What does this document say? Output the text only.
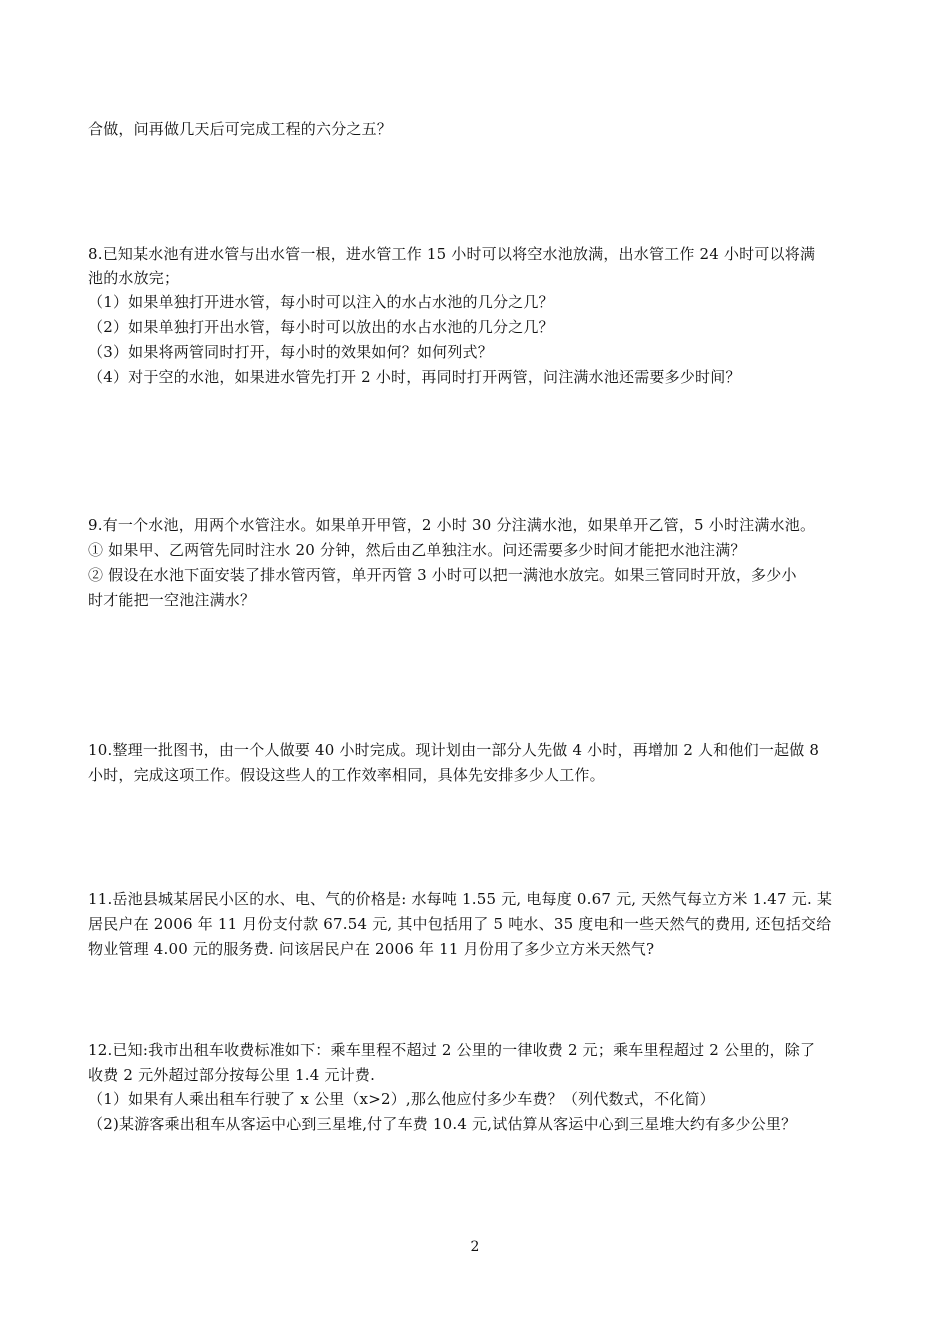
合做，问再做几天后可完成工程的六分之五？
8.已知某水池有进水管与出水管一根，进水管工作 15 小时可以将空水池放满，出水管工作 24 小时可以将满
池的水放完；
（1）如果单独打开进水管，每小时可以注入的水占水池的几分之几？
（2）如果单独打开出水管，每小时可以放出的水占水池的几分之几？
（3）如果将两管同时打开，每小时的效果如何？如何列式？
（4）对于空的水池，如果进水管先打开 2 小时，再同时打开两管，问注满水池还需要多少时间？
9.有一个水池，用两个水管注水。如果单开甲管，2 小时 30 分注满水池，如果单开乙管，5 小时注满水池。
① 如果甲、乙两管先同时注水 20 分钟，然后由乙单独注水。问还需要多少时间才能把水池注满？
② 假设在水池下面安装了排水管丙管，单开丙管 3 小时可以把一满池水放完。如果三管同时开放，多少小
时才能把一空池注满水？
10.整理一批图书，由一个人做要 40 小时完成。现计划由一部分人先做 4 小时，再增加 2 人和他们一起做 8
小时，完成这项工作。假设这些人的工作效率相同，具体先安排多少人工作。
11.岳池县城某居民小区的水、电、气的价格是: 水每吨 1.55 元, 电每度 0.67 元, 天然气每立方米 1.47 元. 某
居民户在 2006 年 11 月份支付款 67.54 元, 其中包括用了 5 吨水、35 度电和一些天然气的费用, 还包括交给
物业管理 4.00 元的服务费. 问该居民户在 2006 年 11 月份用了多少立方米天然气?
12.已知:我市出租车收费标准如下：乘车里程不超过 2 公里的一律收费 2 元；乘车里程超过 2 公里的，除了
收费 2 元外超过部分按每公里 1.4 元计费.
（1）如果有人乘出租车行驶了 x 公里（x>2）,那么他应付多少车费？（列代数式，不化简）
（2)某游客乘出租车从客运中心到三星堆,付了车费 10.4 元,试估算从客运中心到三星堆大约有多少公里？
2
